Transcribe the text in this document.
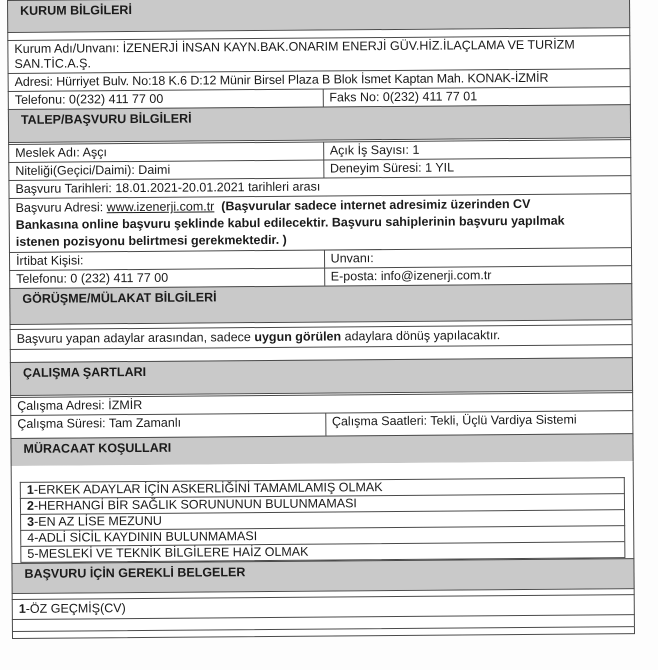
KURUM BİLGİLERİ
Kurum Adı/Unvanı: İZENERJİ İNSAN KAYN.BAK.ONARIM ENERJİ GÜV.HİZ.İLAÇLAMA VE TURİZM
SAN.TİC.A.Ş.
Adresi: Hürriyet Bulv. No:18 K.6 D:12 Münir Birsel Plaza B Blok İsmet Kaptan Mah. KONAK-İZMİR
Telefonu: 0(232) 411 77 00	Faks No: 0(232) 411 77 01
TALEP/BAŞVURU BİLGİLERİ
Meslek Adı: Aşçı	Açık İş Sayısı: 1
Niteliği(Geçici/Daimi): Daimi	Deneyim Süresi: 1 YIL
Başvuru Tarihleri: 18.01.2021-20.01.2021 tarihleri arası
Başvuru Adresi: www.izenerji.com.tr (Başvurular sadece internet adresimiz üzerinden CV
Bankasına online başvuru şeklinde kabul edilecektir. Başvuru sahiplerinin başvuru yapılmak
istenen pozisyonu belirtmesi gerekmektedir. )
İrtibat Kişisi:	Unvanı:
Telefonu: 0 (232) 411 77 00	E-posta: info@izenerji.com.tr
GÖRÜŞME/MÜLAKAT BİLGİLERİ
Başvuru yapan adaylar arasından, sadece uygun görülen adaylara dönüş yapılacaktır.
ÇALIŞMA ŞARTLARI
Çalışma Adresi: İZMİR
Çalışma Süresi: Tam Zamanlı	Çalışma Saatleri: Tekli, Üçlü Vardiya Sistemi
MÜRACAAT KOŞULLARI
1-ERKEK ADAYLAR İÇİN ASKERLİĞİNİ TAMAMLAMIŞ OLMAK
2-HERHANGİ BİR SAĞLIK SORUNUNUN BULUNMAMASI
3-EN AZ LİSE MEZUNU
4-ADLİ SİCİL KAYDININ BULUNMAMASI
5-MESLEKİ VE TEKNİK BİLGİLERE HAİZ OLMAK
BAŞVURU İÇİN GEREKLİ BELGELER
1-ÖZ GEÇMİŞ(CV)
